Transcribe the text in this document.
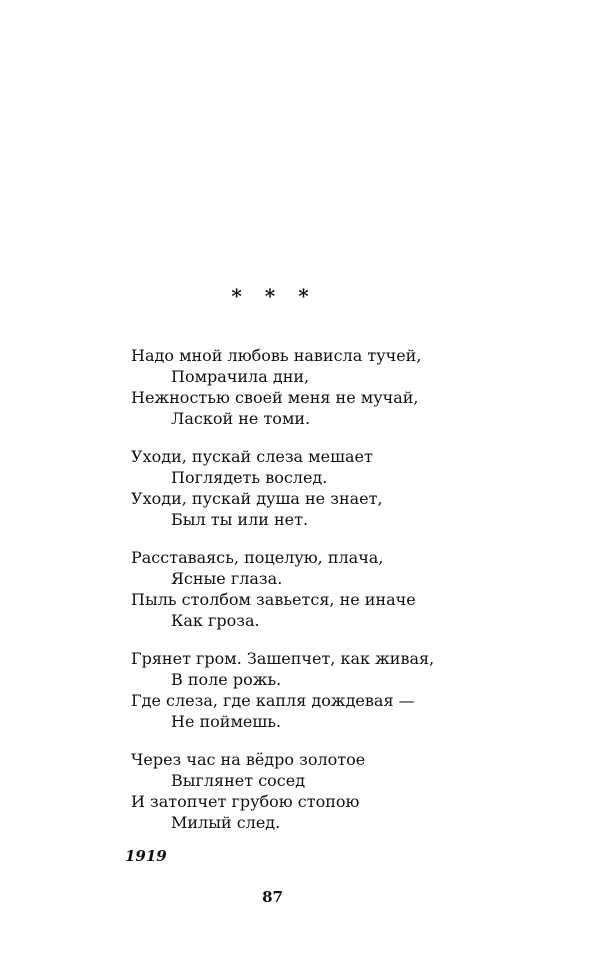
* * *
Надо мной любовь нависла тучей,
Помрачила дни,
Нежностью своей меня не мучай,
Лаской не томи.
Уходи, пускай слеза мешает
Поглядеть вослед.
Уходи, пускай душа не знает,
Был ты или нет.
Расставаясь, поцелую, плача,
Ясные глаза.
Пыль столбом завьется, не иначе
Как гроза.
Грянет гром. Зашепчет, как живая,
В поле рожь.
Где слеза, где капля дождевая —
Не поймешь.
Через час на вёдро золотое
Выглянет сосед
И затопчет грубою стопою
Милый след.
1919
87
